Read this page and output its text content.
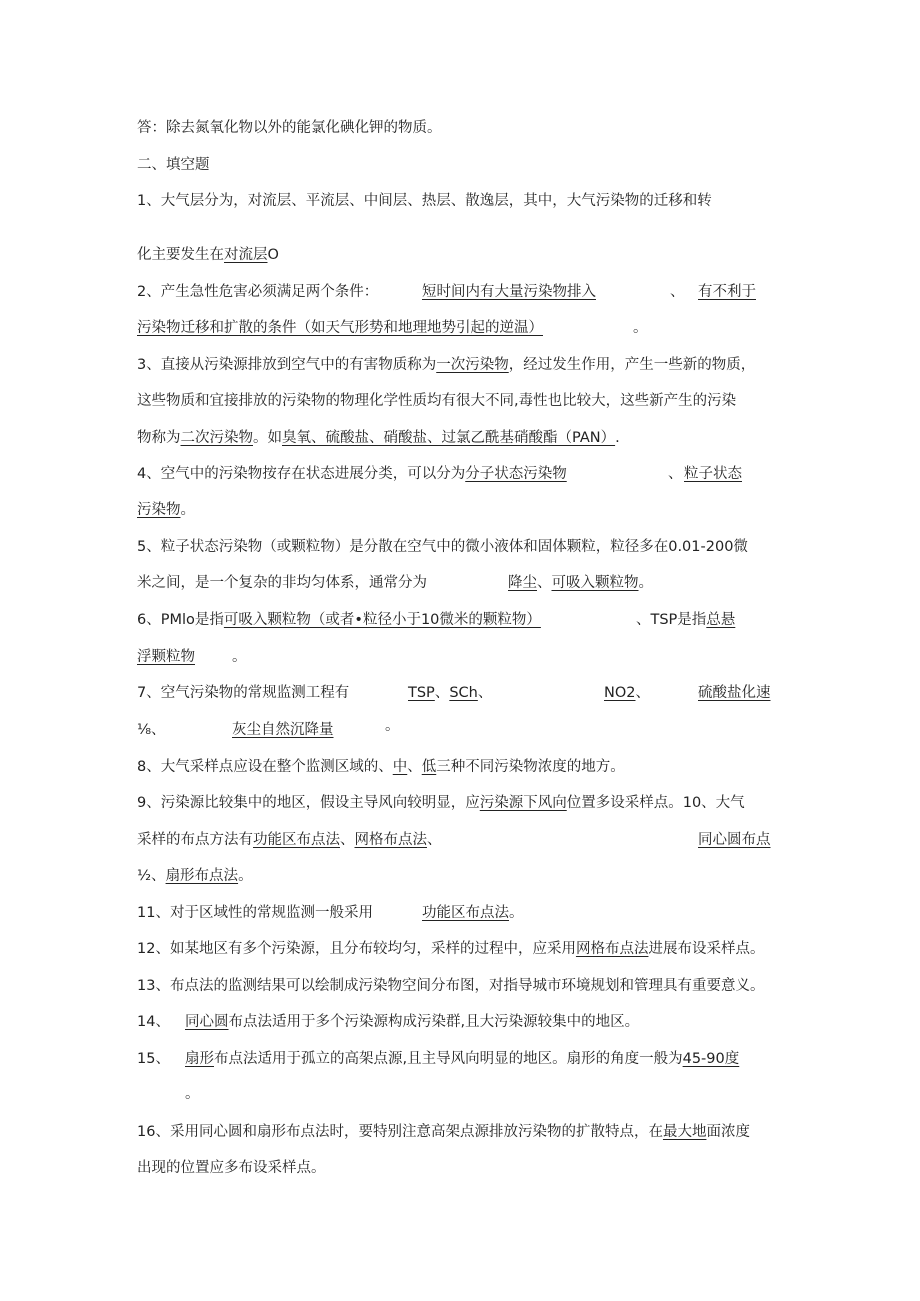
答：除去氮氧化物以外的能氯化碘化钾的物质。
二、填空题
1、大气层分为，对流层、平流层、中间层、热层、散逸层，其中，大气污染物的迁移和转
化主要发生在对流层O
2、产生急性危害必须满足两个条件：	短时间内有大量污染物排入	、 有不利于
污染物迁移和扩散的条件（如天气形势和地理地势引起的逆温）	。
3、直接从污染源排放到空气中的有害物质称为一次污染物，经过发生作用，产生一些新的物质，
这些物质和宜接排放的污染物的物理化学性质均有很大不同,毒性也比较大，这些新产生的污染
物称为二次污染物。如臭氧、硫酸盐、硝酸盐、过氯乙酰基硝酸酯（PAN）.
4、空气中的污染物按存在状态进展分类，可以分为分子状态污染物	、 粒子状态
污染物。
5、粒子状态污染物（或颗粒物）是分散在空气中的微小液体和固体颗粒，粒径多在0.01-200微
米之间，是一个复杂的非均匀体系，通常分为	降尘、可吸入颗粒物。
6、PMlo是指可吸入颗粒物（或者•粒径小于10微米的颗粒物）	、TSP是指总悬
浮颗粒物	。
7、空气污染物的常规监测工程有	TSP、SCh、	NO2、	硫酸盐化速
⅛、	灰尘自然沉降量	。
8、大气采样点应设在整个监测区域的、中、低三种不同污染物浓度的地方。
9、污染源比较集中的地区，假设主导风向较明显，应污染源下风向位置多设采样点。10、大气
采样的布点方法有功能区布点法、网格布点法、	同心圆布点
½、扇形布点法。
11、对于区域性的常规监测一般采用	功能区布点法。
12、如某地区有多个污染源，且分布较均匀，采样的过程中，应采用网格布点法进展布设采样点。
13、布点法的监测结果可以绘制成污染物空间分布图，对指导城市环境规划和管理具有重要意义。
14、 同心圆布点法适用于多个污染源构成污染群,且大污染源较集中的地区。
15、 扇形布点法适用于孤立的高架点源,且主导风向明显的地区。扇形的角度一般为45-90度
。
16、采用同心圆和扇形布点法时，要特别注意高架点源排放污染物的扩散特点，在最大地面浓度
出现的位置应多布设采样点。
